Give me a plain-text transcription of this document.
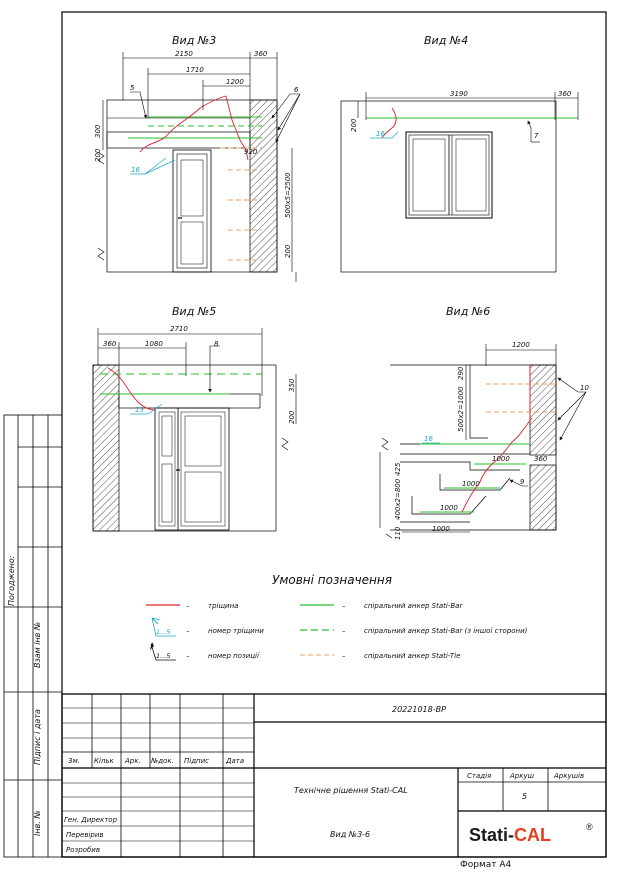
Погоджено:
Взам інв №
Підпис і дата
Інв. №
Вид №3
2150	360
1710
1200
300
200
500x5=2500
200
920
5	6
16
Вид №4
3190	360
200
7
16
Вид №5
2710
360	1080
350
200
8
13
Вид №6
1200
290
500x2=1000
1000	360
425
400x2=800
110
1000
1000
1000
10
16
9
Умовні позначення
–	тріщина	–	спіральний анкер Stati-Bar
1...5 –	номер тріщини	–	спіральний анкер Stati-Bar (з іншої сторони)
1...5 –	номер позиції	–	спіральний анкер Stati-Tie
Зм. Кільк Арк. №док. Підпис Дата
Ген. Директор
Перевірив
Розробив
20221018-ВР
Технічне рішення Stati-CAL
Вид №3-6
Стадія	Аркуш	Аркушів
5
Stati-CAL	®
Формат А4
